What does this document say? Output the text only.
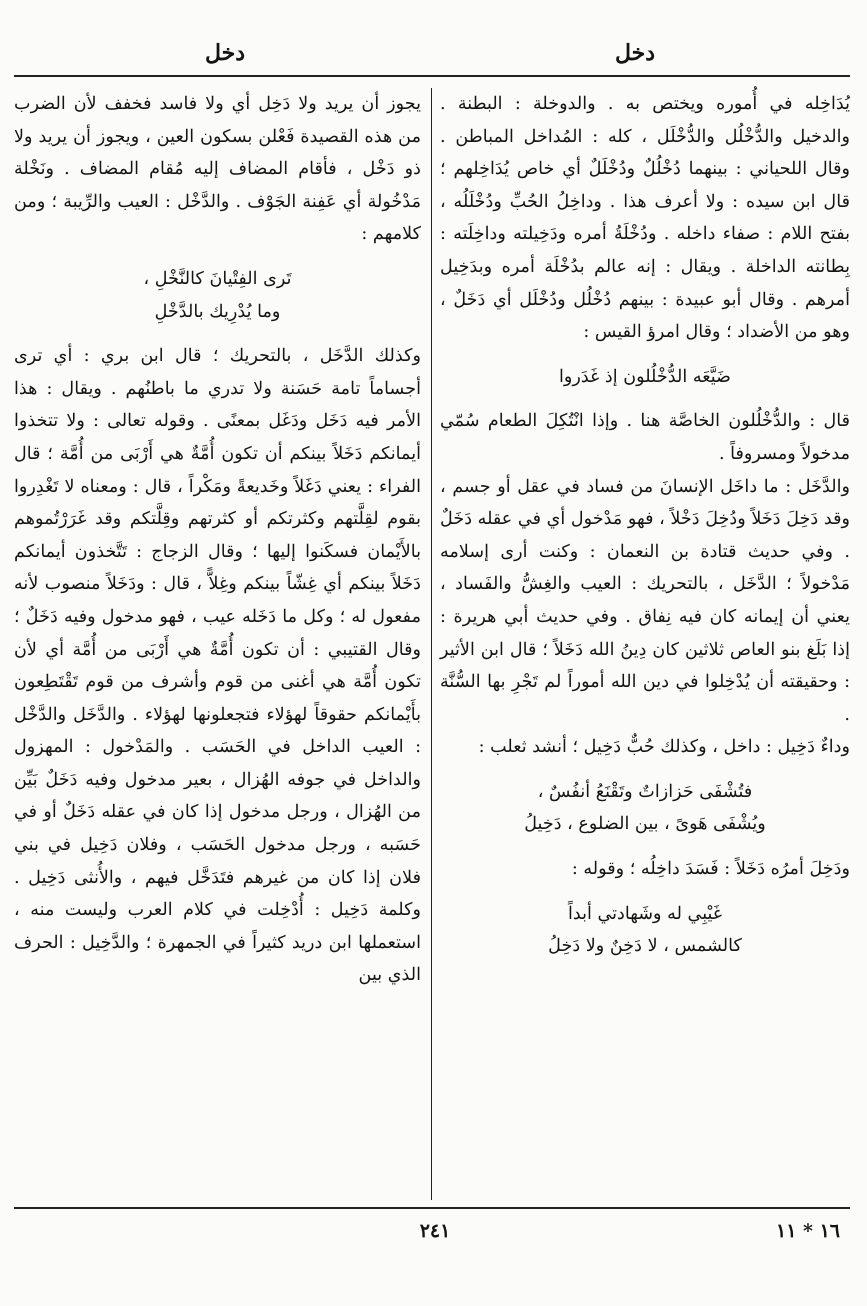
دخل
دخل

يُدَاخِله في أُموره ويختص به . والدوخلة : البطنة . والدخيل والدُّخْلُل والدُّخْلَل ، كله : المُداخل المباطن . وقال اللحياني : بينهما دُخْلُلٌ ودُخْلَلٌ أي خاص يُدَاخِلهم ؛ قال ابن سيده : ولا أعرف هذا . وداخِلُ الحُبِّ ودُخْلَلُه ، بفتح اللام : صفاء داخله . ودُخْلَةُ أمره ودَخِيلته وداخِلَته : بِطانته الداخلة . ويقال : إنه عالم بدُخْلَة أمره وبدَخِيل أمرهم . وقال أبو عبيدة : بينهم دُخْلُل ودُخْلَل أي دَخَلٌ ، وهو من الأضداد ؛ وقال امرؤ القيس :

ضَيَّعَه الدُّخْلُلون إذ غَدَروا

قال : والدُّخْلُلون الخاصَّة هنا . وإذا انْتُكِلَ الطعام سُمّي مدخولاً ومسروفاً .

والدَّخَل : ما داخَل الإنسانَ من فساد في عقل أو جسم ، وقد دَخِلَ دَخَلاً ودُخِلَ دَخْلاً ، فهو مَدْخول أي في عقله دَخَلٌ . وفي حديث قتادة بن النعمان : وكنت أرى إسلامه مَدْخولاً ؛ الدَّخَل ، بالتحريك : العيب والغِشُّ والفَساد ، يعني أن إيمانه كان فيه نِفاق . وفي حديث أبي هريرة : إذا بَلَغ بنو العاص ثلاثين كان دِينُ الله دَخَلاً ؛ قال ابن الأثير : وحقيقته أن يُدْخِلوا في دين الله أموراً لم تَجْرِ بها السُّنَّة .

وداءٌ دَخِيل : داخل ، وكذلك حُبٌّ دَخِيل ؛ أنشد ثعلب :

فتُشْفَى حَزازاتٌ وتَقْنَعُ أنفُسٌ ،
ويُشْفَى هَوىً ، بين الضلوع ، دَخِيلُ

ودَخِلَ أمرُه دَخَلاً : فَسَدَ داخِلُه ؛ وقوله :

غَيْبِي له وشَهادتي أبداً
كالشمس ، لا دَخِنٌ ولا دَخِلُ

يجوز أن يريد ولا دَخِل أي ولا فاسد فخفف لأن الضرب من هذه القصيدة فَعْلن بسكون العين ، ويجوز أن يريد ولا ذو دَخْل ، فأقام المضاف إليه مُقام المضاف . ونَخْلة مَدْخُولة أي عَفِنة الجَوْف . والدَّخْل : العيب والرِّيبة ؛ ومن كلامهم :

تَرى الفِتْيانَ كالنَّخْلِ ،
وما يُدْرِيك بالدَّخْلِ

وكذلك الدَّخَل ، بالتحريك ؛ قال ابن بري : أي ترى أجساماً تامة حَسَنة ولا تدري ما باطنُهم . ويقال : هذا الأمر فيه دَخَل ودَغَل بمعنًى . وقوله تعالى : ولا تتخذوا أيمانكم دَخَلاً بينكم أن تكون أُمَّةٌ هي أَرْبَى من أُمَّة ؛ قال الفراء : يعني دَغَلاً وخَديعةً ومَكْراً ، قال : ومعناه لا تَغْدِروا بقوم لقِلَّتهم وكثرتكم أو كثرتهم وقِلَّتكم وقد غَرَرْتُموهم بالأَيْمان فسكَنوا إليها ؛ وقال الزجاج : تَتَّخذون أيمانكم دَخَلاً بينكم أي غِشّاً بينكم وغِلاًّ ، قال : ودَخَلاً منصوب لأنه مفعول له ؛ وكل ما دَخَله عيب ، فهو مدخول وفيه دَخَلٌ ؛ وقال القتيبي : أن تكون أُمَّةٌ هي أَرْبَى من أُمَّة أي لأن تكون أُمَّة هي أغنى من قوم وأشرف من قوم تَقْتَطِعون بأَيْمانكم حقوقاً لهؤلاء فتجعلونها لهؤلاء . والدَّخَل والدَّخْل : العيب الداخل في الحَسَب . والمَدْخول : المهزول والداخل في جوفه الهُزال ، بعير مدخول وفيه دَخَلٌ بَيِّن من الهُزال ، ورجل مدخول إذا كان في عقله دَخَلٌ أو في حَسَبه ، ورجل مدخول الحَسَب ، وفلان دَخِيل في بني فلان إذا كان من غيرهم فتَدَخَّل فيهم ، والأُنثى دَخِيل . وكلمة دَخِيل : أُدْخِلت في كلام العرب وليست منه ، استعملها ابن دريد كثيراً في الجمهرة ؛ والدَّخِيل : الحرف الذي بين

٢٤١	١٦ * ١١
